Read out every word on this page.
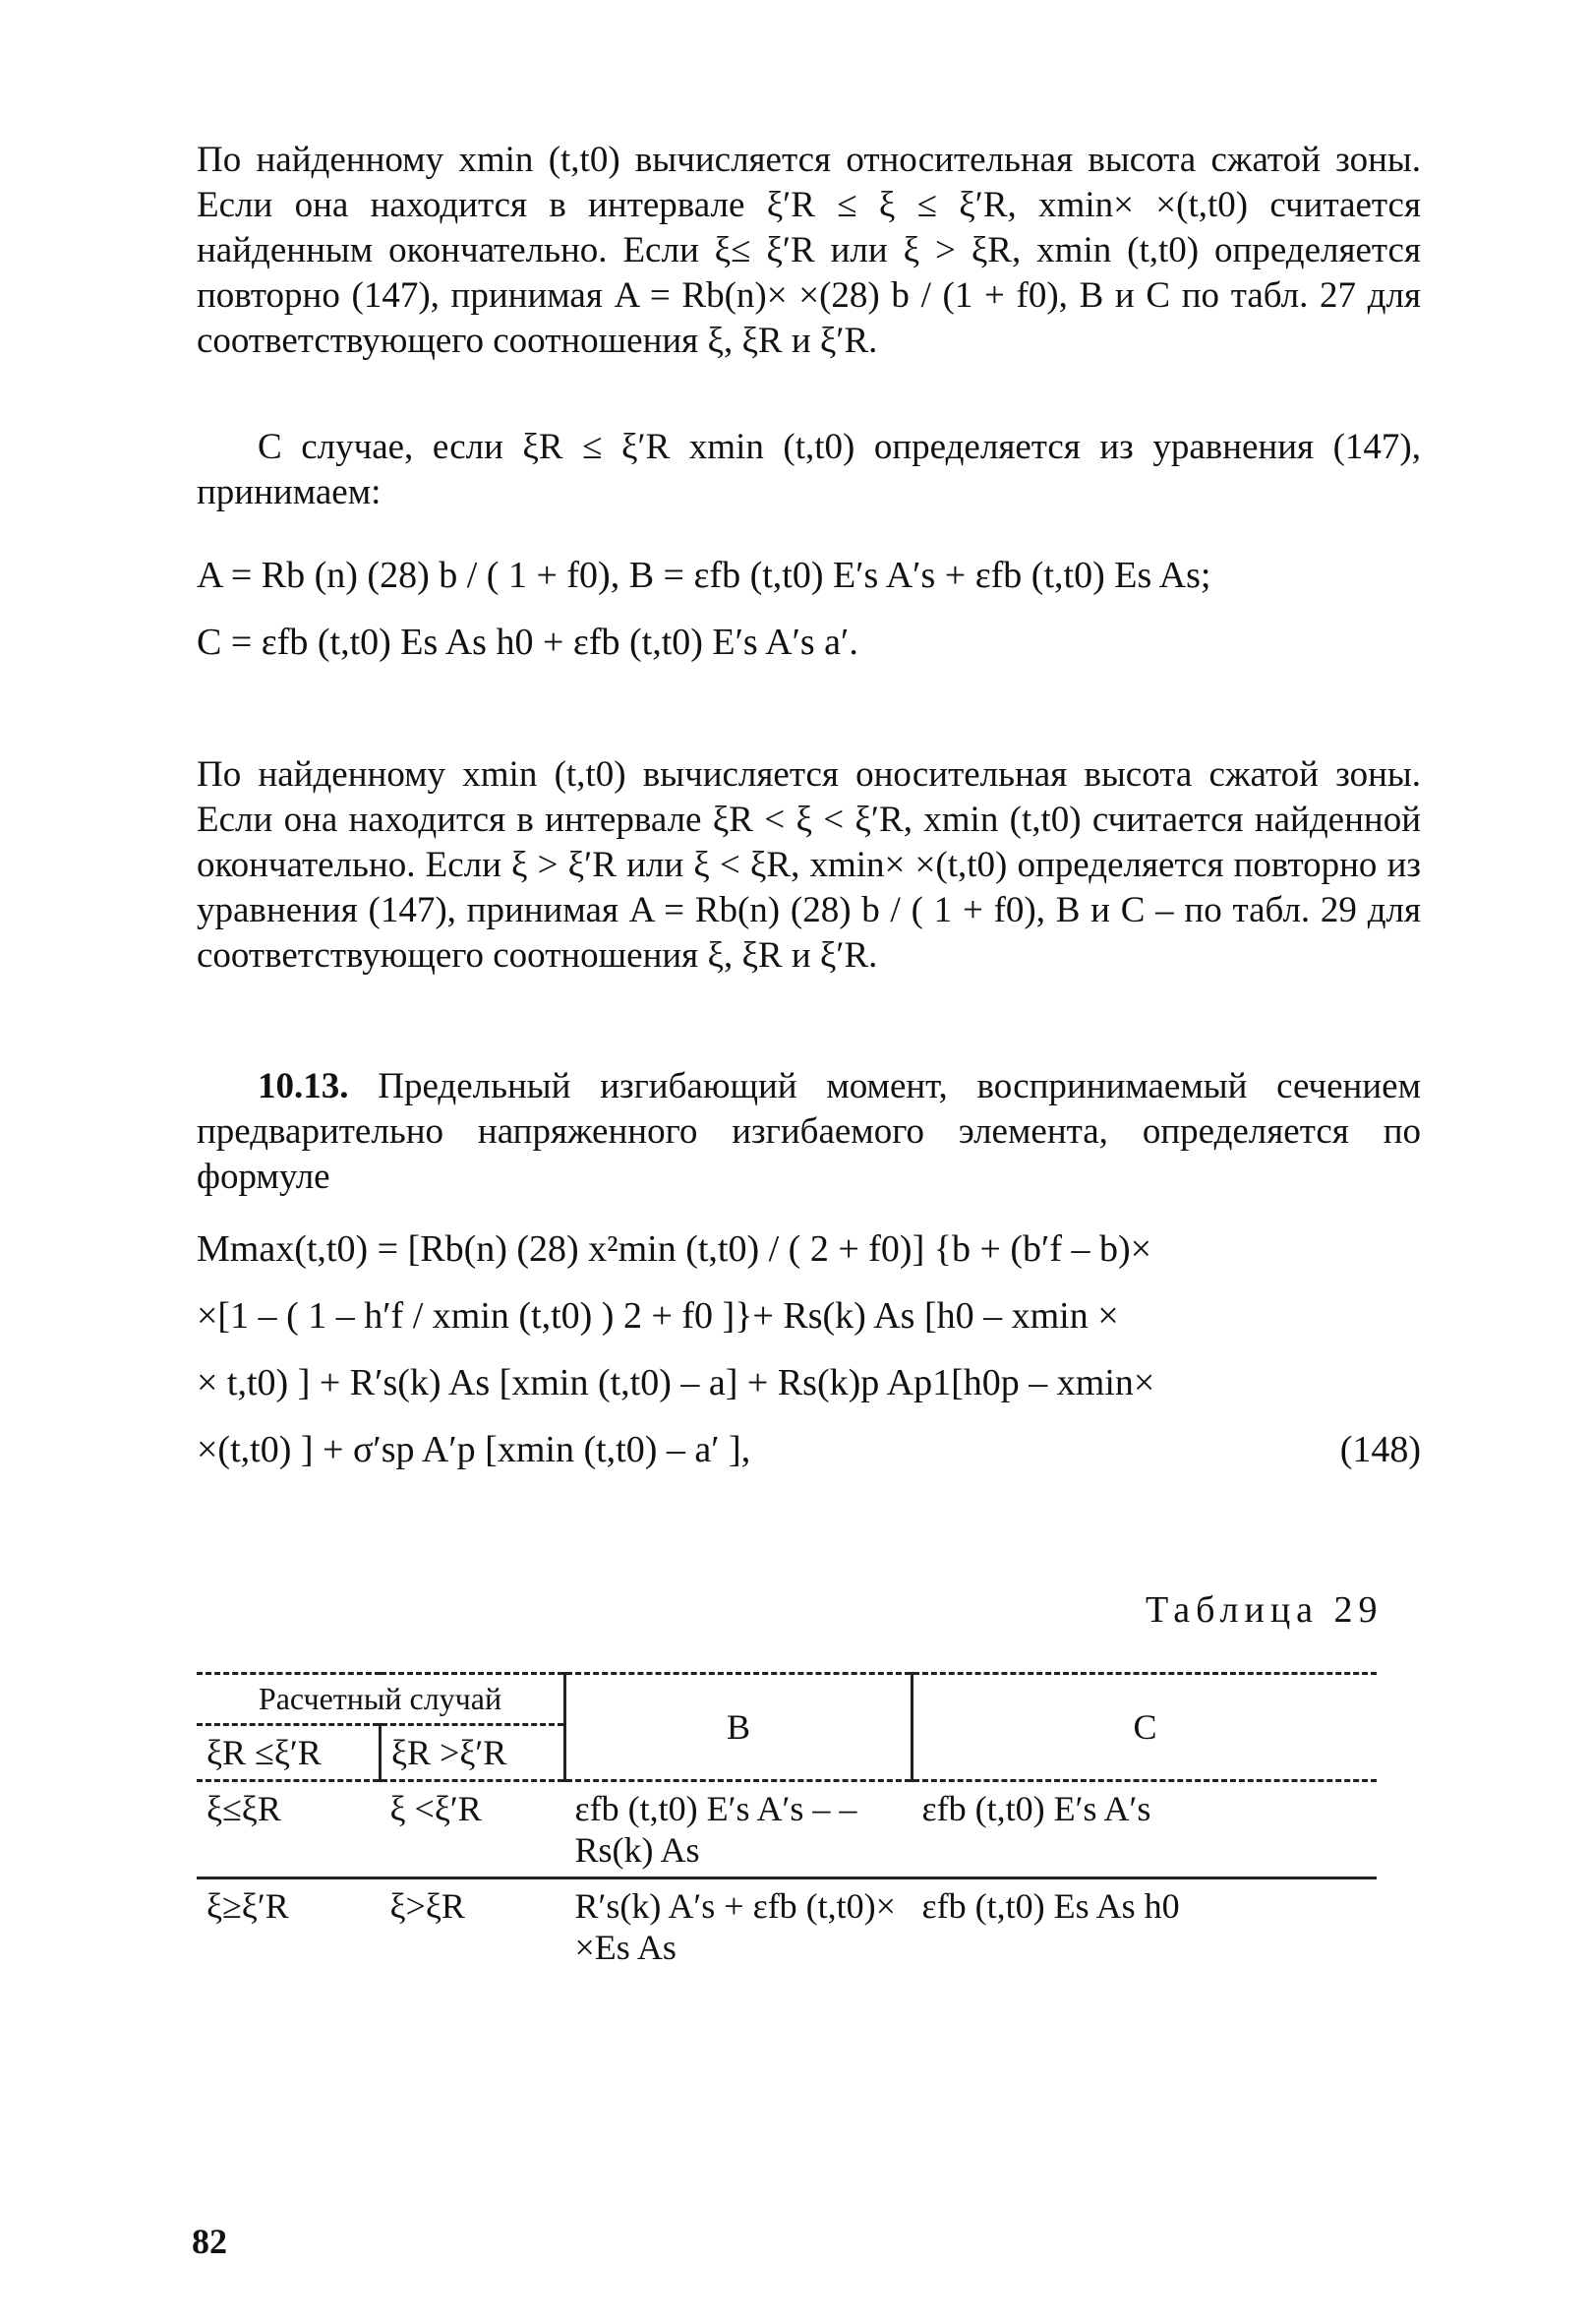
По найденному xmin (t,t0) вычисляется относительная высота сжатой зоны. Если она находится в интервале ξ′R ≤ ξ ≤ ξ′R, xmin× ×(t,t0) считается найденным окончательно. Если ξ≤ ξ′R или ξ > ξR, xmin (t,t0) определяется повторно (147), принимая A = Rb(n)× ×(28) b / (1 + f0), B и C по табл. 27 для соответствующего соотношения ξ, ξR и ξ′R.

С случае, если ξR ≤ ξ′R xmin (t,t0) определяется из уравнения (147), принимаем:

A = Rb (n) (28) b / ( 1 + f0), B = εfb (t,t0) E′s A′s + εfb (t,t0) Es As;
C = εfb (t,t0) Es As h0 + εfb (t,t0) E′s A′s a′.

По найденному xmin (t,t0) вычисляется оносительная высота сжатой зоны. Если она находится в интервале ξR < ξ < ξ′R, xmin (t,t0) считается найденной окончательно. Если ξ > ξ′R или ξ < ξR, xmin× ×(t,t0) определяется повторно из уравнения (147), принимая A = Rb(n) (28) b / ( 1 + f0), B и C – по табл. 29 для соответствующего соотношения ξ, ξR и ξ′R.

10.13. Предельный изгибающий момент, воспринимаемый сечением предварительно напряженного изгибаемого элемента, определяется по формуле

Mmax(t,t0) = [Rb(n) (28) x²min (t,t0) / ( 2 + f0)] {b + (b′f – b)×
×[1 – ( 1 – h′f / xmin (t,t0) ) 2 + f0 ]}+ Rs(k) As [h0 – xmin ×
× t,t0) ] + R′s(k) As [xmin (t,t0) – a] + Rs(k)p Ap1[h0p – xmin×
×(t,t0) ] + σ′sp A′p [xmin (t,t0) – a′ ],	(148)
Таблица 29
Расчетный случай		B	C
ξR ≤ξ′R	ξR >ξ′R		
ξ≤ξR	ξ <ξ′R	εfb (t,t0) E′s A′s – – Rs(k) As	εfb (t,t0) E′s A′s
ξ≥ξ′R	ξ>ξR	R′s(k) A′s + εfb (t,t0)× ×Es As	εfb (t,t0) Es As h0
82
